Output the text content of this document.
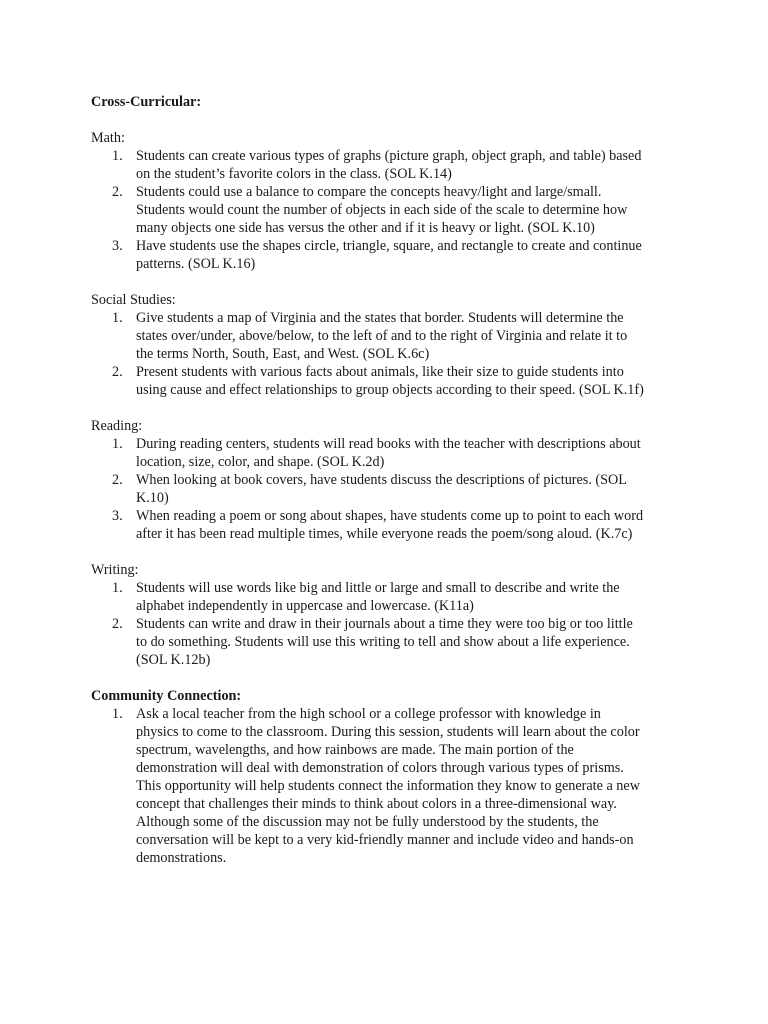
Cross-Curricular:
Math:
1. Students can create various types of graphs (picture graph, object graph, and table) based
on the student’s favorite colors in the class. (SOL K.14)
2. Students could use a balance to compare the concepts heavy/light and large/small.
Students would count the number of objects in each side of the scale to determine how
many objects one side has versus the other and if it is heavy or light. (SOL K.10)
3. Have students use the shapes circle, triangle, square, and rectangle to create and continue
patterns. (SOL K.16)
Social Studies:
1. Give students a map of Virginia and the states that border. Students will determine the
states over/under, above/below, to the left of and to the right of Virginia and relate it to
the terms North, South, East, and West. (SOL K.6c)
2. Present students with various facts about animals, like their size to guide students into
using cause and effect relationships to group objects according to their speed. (SOL K.1f)
Reading:
1. During reading centers, students will read books with the teacher with descriptions about
location, size, color, and shape. (SOL K.2d)
2. When looking at book covers, have students discuss the descriptions of pictures. (SOL
K.10)
3. When reading a poem or song about shapes, have students come up to point to each word
after it has been read multiple times, while everyone reads the poem/song aloud. (K.7c)
Writing:
1. Students will use words like big and little or large and small to describe and write the
alphabet independently in uppercase and lowercase. (K11a)
2. Students can write and draw in their journals about a time they were too big or too little
to do something. Students will use this writing to tell and show about a life experience.
(SOL K.12b)
Community Connection:
1. Ask a local teacher from the high school or a college professor with knowledge in
physics to come to the classroom. During this session, students will learn about the color
spectrum, wavelengths, and how rainbows are made. The main portion of the
demonstration will deal with demonstration of colors through various types of prisms.
This opportunity will help students connect the information they know to generate a new
concept that challenges their minds to think about colors in a three-dimensional way.
Although some of the discussion may not be fully understood by the students, the
conversation will be kept to a very kid-friendly manner and include video and hands-on
demonstrations.
